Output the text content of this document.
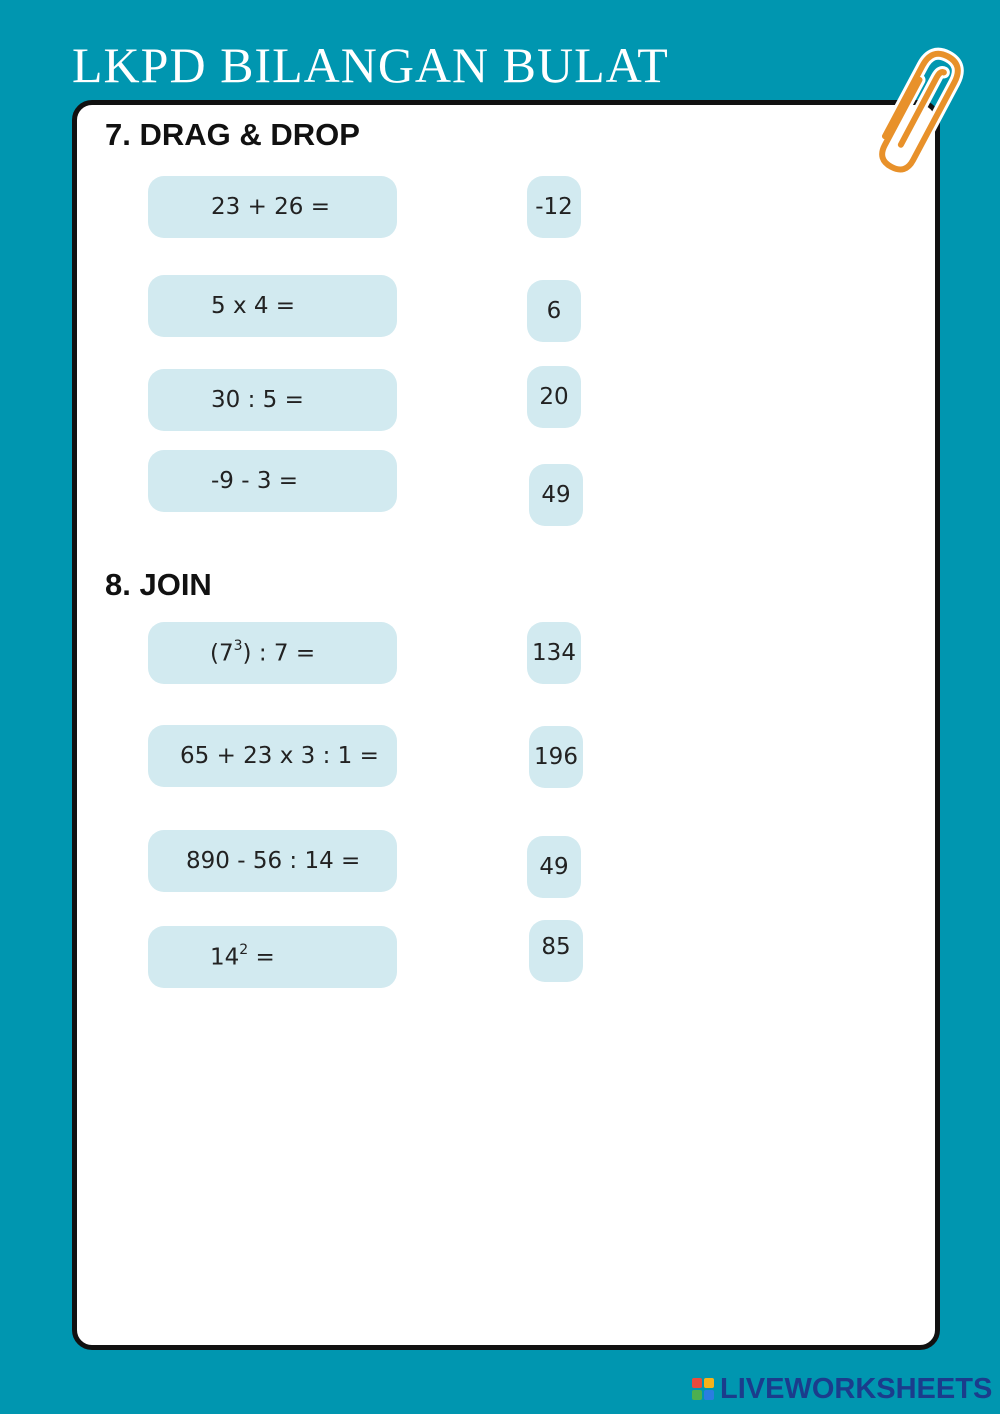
LKPD BILANGAN BULAT
7. DRAG & DROP
23 + 26 =
5 x 4 =
30 : 5 =
-9 - 3 =
-12
6
20
49
8. JOIN
$(7^3)$ : 7 =
65 + 23 x 3 : 1 =
890 - 56 : 14 =
$14^2$ =
134
196
49
85
LIVEWORKSHEETS
